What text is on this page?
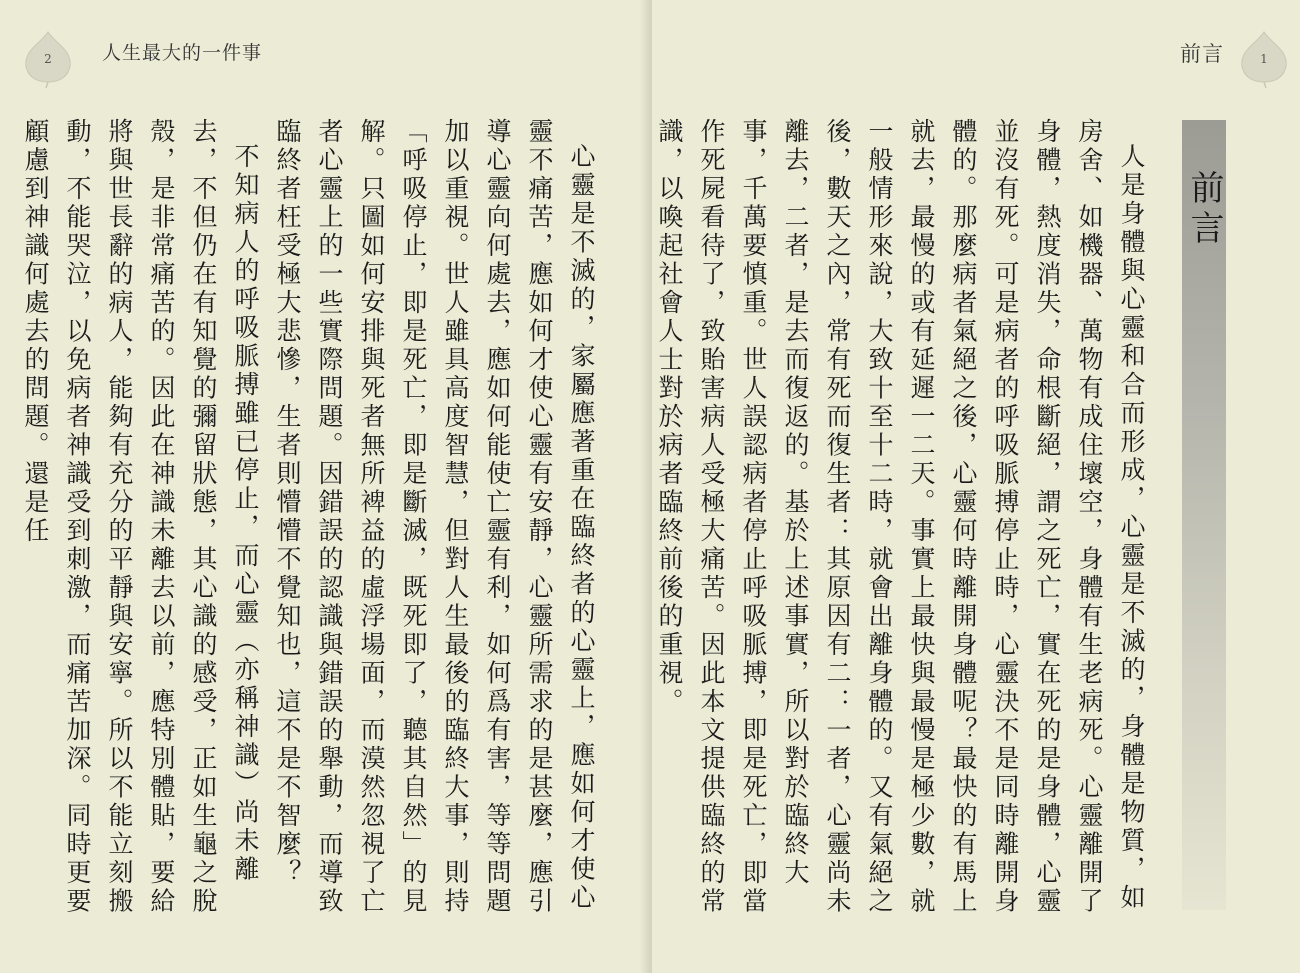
2	人生最大的一件事

心靈是不滅的，家屬應著重在臨終者的心靈上，應如何才使心靈不痛苦，應如何才使心靈有安靜，心靈所需求的是甚麼，應引導心靈向何處去，應如何能使亡靈有利，如何爲有害，等等問題加以重視。世人雖具高度智慧，但對人生最後的臨終大事，則持「呼吸停止，即是死亡，即是斷滅，既死即了，聽其自然」的見解。只圖如何安排與死者無所裨益的虛浮場面，而漠然忽視了亡者心靈上的一些實際問題。因錯誤的認識與錯誤的舉動，而導致臨終者枉受極大悲慘，生者則懵懵不覺知也，這不是不智麼？

不知病人的呼吸脈搏雖已停止，而心靈（亦稱神識）尚未離去，不但仍在有知覺的彌留狀態，其心識的感受，正如生龜之脫殼，是非常痛苦的。因此在神識未離去以前，應特別體貼，要給將與世長辭的病人，能夠有充分的平靜與安寧。所以不能立刻搬動，不能哭泣，以免病者神識受到刺激，而痛苦加深。同時更要顧慮到神識何處去的問題。還是任

前言	1

人是身體與心靈和合而形成，心靈是不滅的，身體是物質，如房舍、如機器、萬物有成住壞空，身體有生老病死。心靈離開了身體，熱度消失，命根斷絕，謂之死亡，實在死的是身體，心靈並沒有死。可是病者的呼吸脈搏停止時，心靈決不是同時離開身體的。那麼病者氣絕之後，心靈何時離開身體呢？最快的有馬上就去，最慢的或有延遲一二天。事實上最快與最慢是極少數，就一般情形來說，大致十至十二時，就會出離身體的。又有氣絕之後，數天之內，常有死而復生者：其原因有二：一者，心靈尚未離去，二者，是去而復返的。基於上述事實，所以對於臨終大事，千萬要慎重。世人誤認病者停止呼吸脈搏，即是死亡，即當作死屍看待了，致貽害病人受極大痛苦。因此本文提供臨終的常識，以喚起社會人士對於病者臨終前後的重視。	前言
